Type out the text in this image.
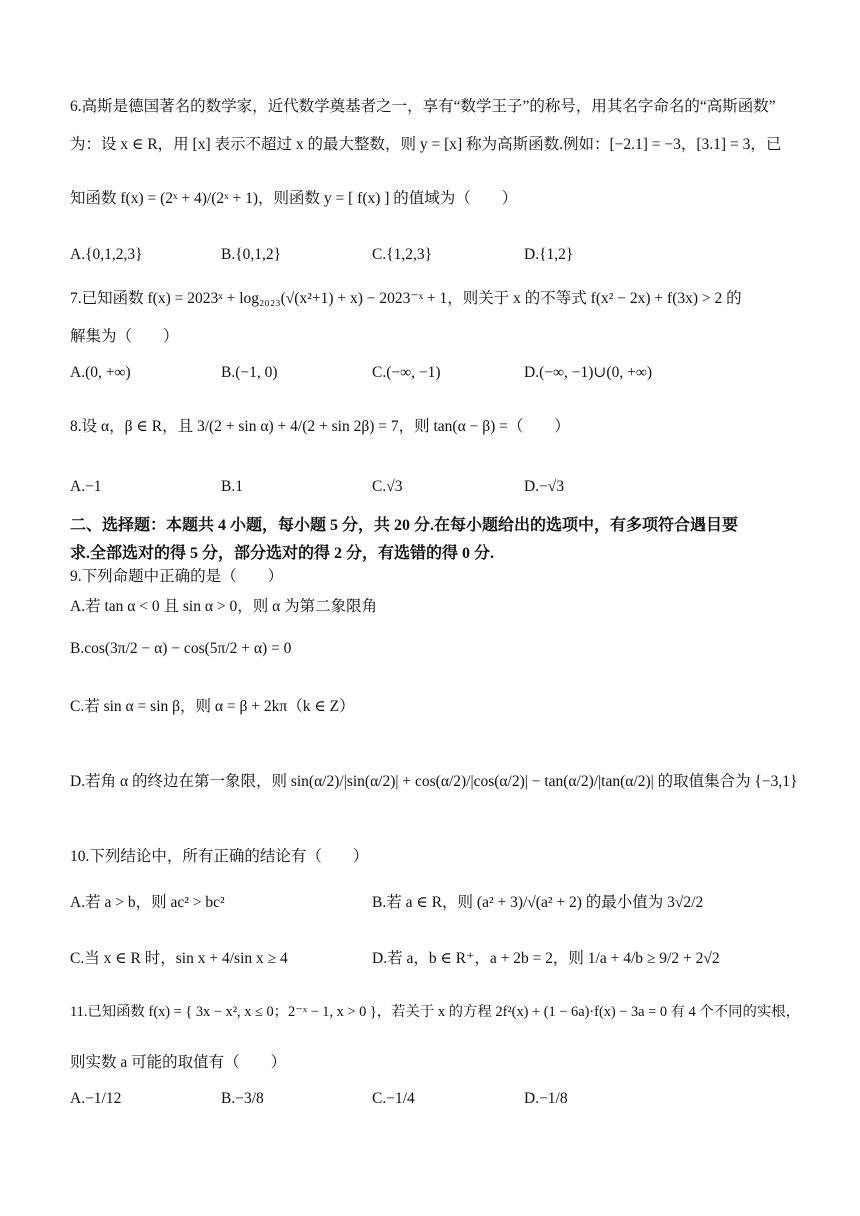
6.高斯是德国著名的数学家，近代数学奠基者之一，享有“数学王子”的称号，用其名字命名的“高斯函数”
为：设 x ∈ R，用 [x] 表示不超过 x 的最大整数，则 y = [x] 称为高斯函数.例如：[−2.1] = −3，[3.1] = 3，已
知函数 f(x) = (2ˣ + 4)/(2ˣ + 1)，则函数 y = [ f(x) ] 的值域为（　　）
A.{0,1,2,3}	B.{0,1,2}	C.{1,2,3}	D.{1,2}
7.已知函数 f(x) = 2023ˣ + log₂₀₂₃(√(x²+1) + x) − 2023⁻ˣ + 1，则关于 x 的不等式 f(x² − 2x) + f(3x) > 2 的
解集为（　　）
A.(0, +∞)	B.(−1, 0)	C.(−∞, −1)	D.(−∞, −1)∪(0, +∞)
8.设 α，β ∈ R，且 3/(2 + sin α) + 4/(2 + sin 2β) = 7，则 tan(α − β) =（　　）
A.−1	B.1	C.√3	D.−√3
二、选择题：本题共 4 小题，每小题 5 分，共 20 分.在每小题给出的选项中，有多项符合遇目要
求.全部选对的得 5 分，部分选对的得 2 分，有选错的得 0 分.
9.下列命题中正确的是（　　）
A.若 tan α < 0 且 sin α > 0，则 α 为第二象限角
B.cos(3π/2 − α) − cos(5π/2 + α) = 0
C.若 sin α = sin β，则 α = β + 2kπ（k ∈ Z）
D.若角 α 的终边在第一象限，则 sin(α/2)/|sin(α/2)| + cos(α/2)/|cos(α/2)| − tan(α/2)/|tan(α/2)| 的取值集合为 {−3,1}
10.下列结论中，所有正确的结论有（　　）
A.若 a > b，则 ac² > bc²	B.若 a ∈ R，则 (a² + 3)/√(a² + 2) 的最小值为 3√2/2
C.当 x ∈ R 时，sin x + 4/sin x ≥ 4	D.若 a，b ∈ R⁺，a + 2b = 2，则 1/a + 4/b ≥ 9/2 + 2√2
11.已知函数 f(x) = { 3x − x², x ≤ 0；2⁻ˣ − 1, x > 0 }，若关于 x 的方程 2f²(x) + (1 − 6a)·f(x) − 3a = 0 有 4 个不同的实根，
则实数 a 可能的取值有（　　）
A.−1/12	B.−3/8	C.−1/4	D.−1/8
